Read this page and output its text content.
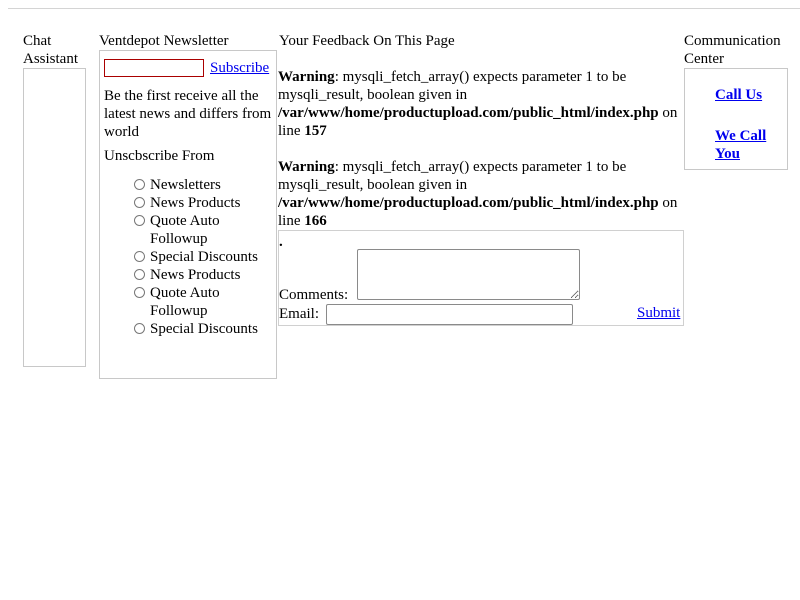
Chat Assistant
Ventdepot Newsletter
Subscribe
Be the first receive all the latest news and differs from world
Unscbscribe From
Newsletters
News Products
Quote Auto Followup
Special Discounts
News Products
Quote Auto Followup
Special Discounts
Your Feedback On This Page
Warning: mysqli_fetch_array() expects parameter 1 to be mysqli_result, boolean given in /var/www/home/productupload.com/public_html/index.php on line 157
Warning: mysqli_fetch_array() expects parameter 1 to be mysqli_result, boolean given in /var/www/home/productupload.com/public_html/index.php on line 166
.
Comments:
Email:	Submit
Communication Center
Call Us
We Call You
